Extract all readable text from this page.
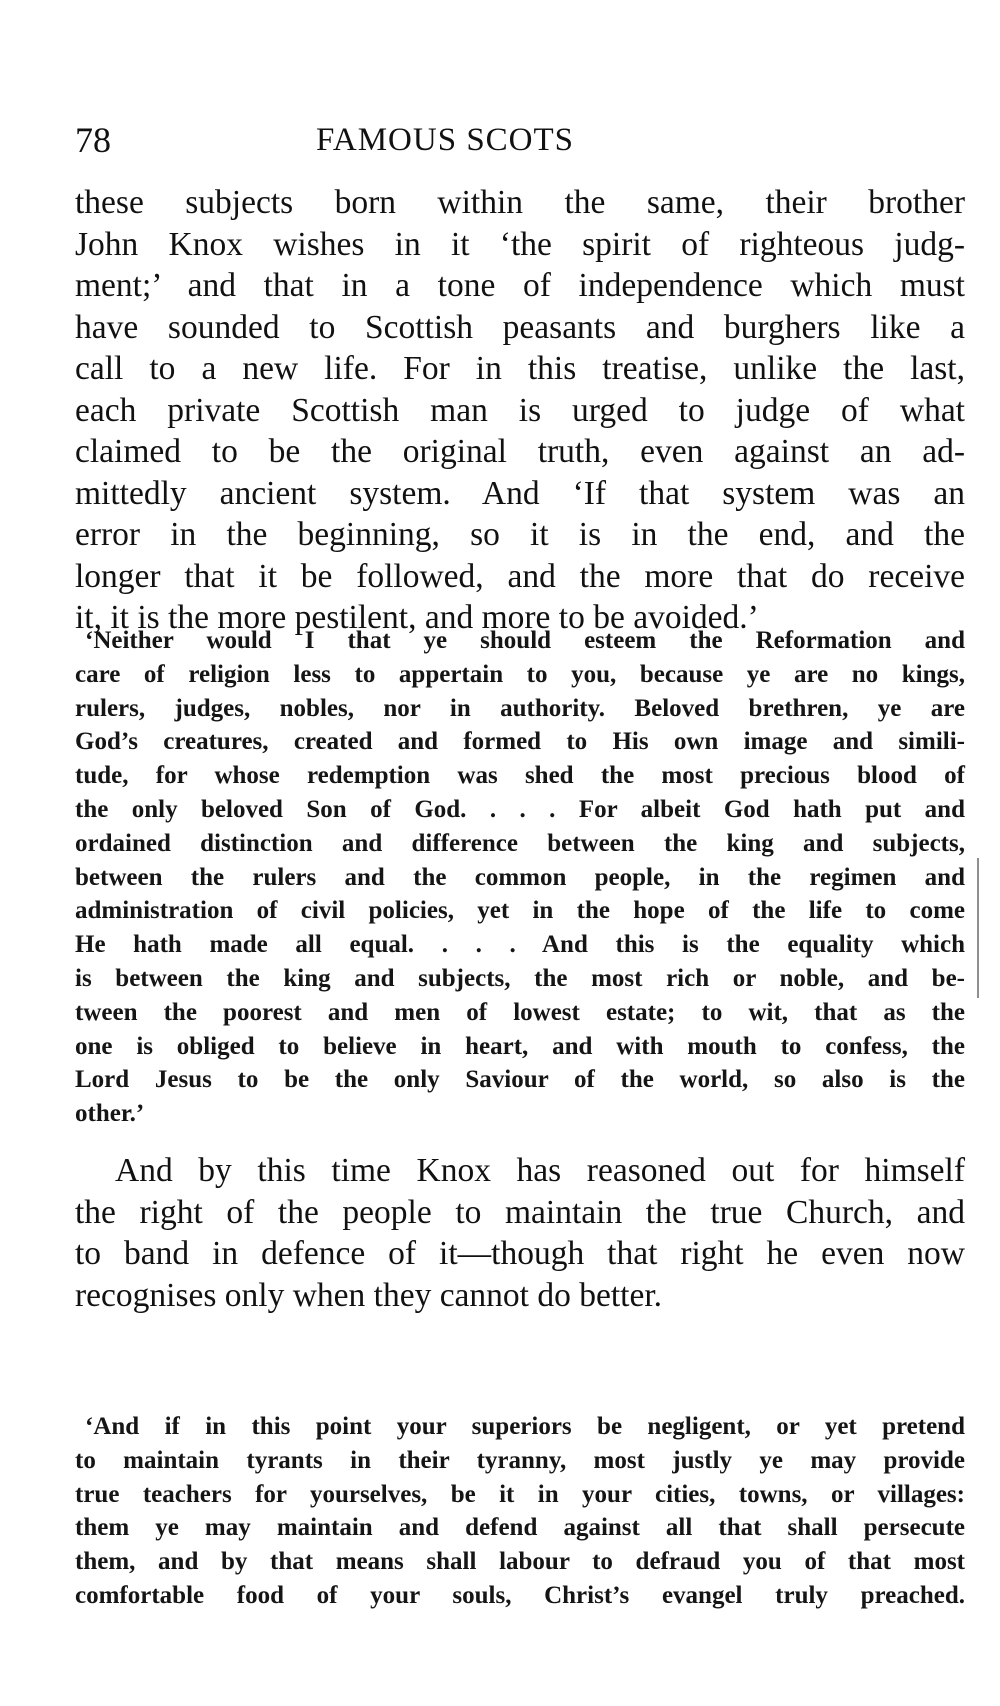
78	FAMOUS SCOTS

these subjects born within the same, their brother
John Knox wishes in it ‘the spirit of righteous judg-
ment;’ and that in a tone of independence which must
have sounded to Scottish peasants and burghers like a
call to a new life. For in this treatise, unlike the last,
each private Scottish man is urged to judge of what
claimed to be the original truth, even against an ad-
mittedly ancient system. And ‘If that system was an
error in the beginning, so it is in the end, and the
longer that it be followed, and the more that do receive
it, it is the more pestilent, and more to be avoided.’

‘Neither would I that ye should esteem the Reformation and
care of religion less to appertain to you, because ye are no kings,
rulers, judges, nobles, nor in authority. Beloved brethren, ye are
God’s creatures, created and formed to His own image and simili-
tude, for whose redemption was shed the most precious blood of
the only beloved Son of God. . . . For albeit God hath put and
ordained distinction and difference between the king and subjects,
between the rulers and the common people, in the regimen and
administration of civil policies, yet in the hope of the life to come
He hath made all equal. . . . And this is the equality which
is between the king and subjects, the most rich or noble, and be-
tween the poorest and men of lowest estate; to wit, that as the
one is obliged to believe in heart, and with mouth to confess, the
Lord Jesus to be the only Saviour of the world, so also is the
other.’

And by this time Knox has reasoned out for himself
the right of the people to maintain the true Church, and
to band in defence of it—though that right he even now
recognises only when they cannot do better.

‘And if in this point your superiors be negligent, or yet pretend
to maintain tyrants in their tyranny, most justly ye may provide
true teachers for yourselves, be it in your cities, towns, or villages:
them ye may maintain and defend against all that shall persecute
them, and by that means shall labour to defraud you of that most
comfortable food of your souls, Christ’s evangel truly preached.
